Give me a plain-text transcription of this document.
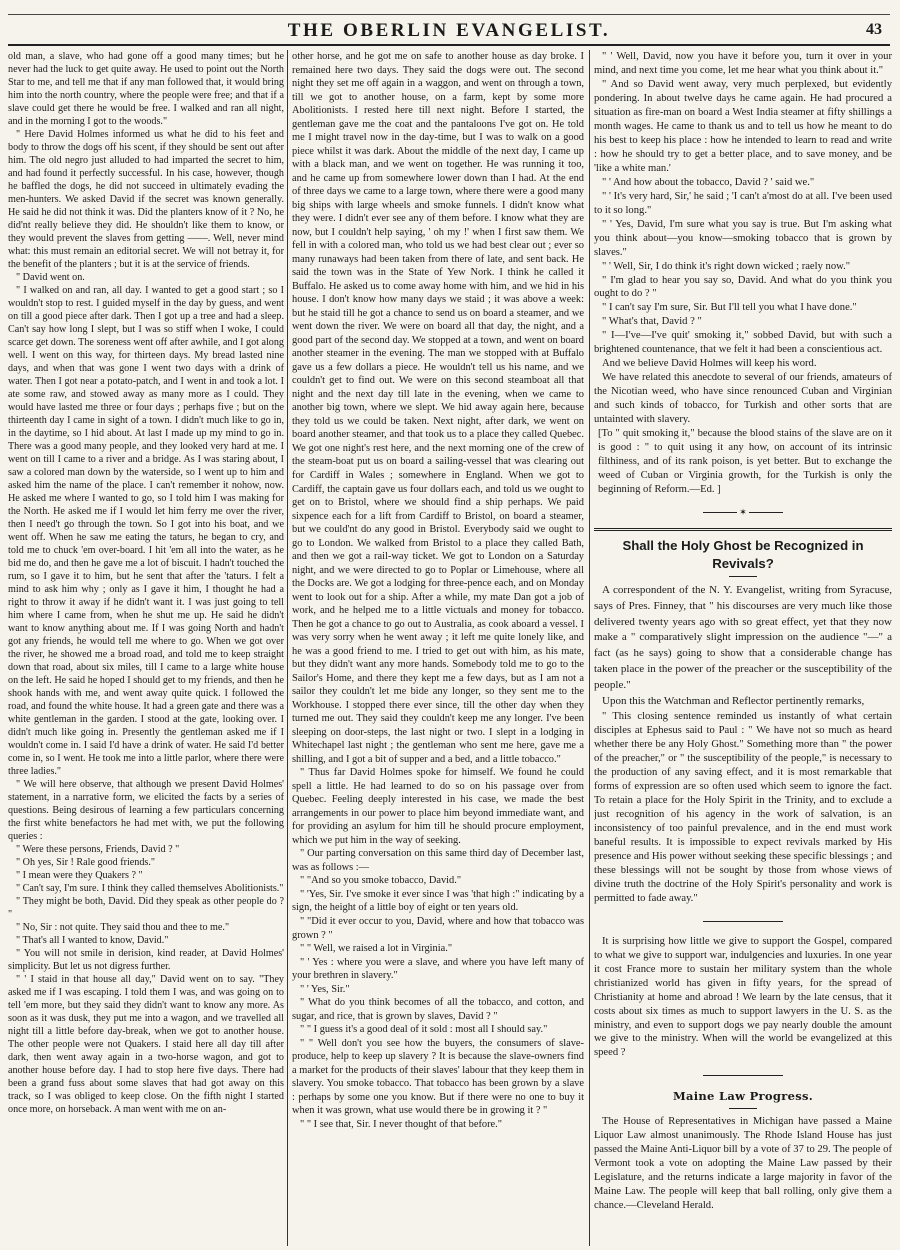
THE OBERLIN EVANGELIST.	43

old man, a slave, who had gone off a good many times; but he never had the luck to get quite away. He used to point out the North Star to me, and tell me that if any man followed that, it would bring him into the north country, where the people were free; and that if a slave could get there he would be free. I walked and ran all night, and in the morning I got to the woods."

" Here David Holmes informed us what he did to his feet and body to throw the dogs off his scent, if they should be sent out after him. The old negro just alluded to had imparted the secret to him, and had found it perfectly successful. In his case, however, though he baffled the dogs, he did not succeed in ultimately evading the men-hunters. We asked David if the secret was known generally. He said he did not think it was. Did the planters know of it ? No, he did'nt really believe they did. He shouldn't like them to know, or they would prevent the slaves from getting ——. Well, never mind what: this must remain an editorial secret. We will not betray it, for the benefit of the planters ; but it is at the service of friends.

" David went on.

" I walked on and ran, all day. I wanted to get a good start ; so I wouldn't stop to rest. I guided myself in the day by guess, and went on till a good piece after dark. Then I got up a tree and had a sleep. Can't say how long I slept, but I was so stiff when I woke, I could scarce get down. The soreness went off after awhile, and I got along well. I went on this way, for thirteen days. My bread lasted nine days, and when that was gone I went two days with a drink of water. Then I got near a potato-patch, and I went in and took a lot. I ate some raw, and stowed away as many more as I could. They would have lasted me three or four days ; perhaps five ; but on the thirteenth day I came in sight of a town. I didn't much like to go in, in the daytime, so I hid about. At last I made up my mind to go in. There was a good many people, and they looked very hard at me. I went on till I came to a river and a bridge. As I was staring about, I saw a colored man down by the waterside, so I went up to him and asked him the name of the place. I can't remember it nohow, now. He asked me where I wanted to go, so I told him I was making for the North. He asked me if I would let him ferry me over the river, then I need't go through the town. So I got into his boat, and we went off. When he saw me eating the taturs, he began to cry, and told me to chuck 'em over-board. I hit 'em all into the water, as he bid me do, and then he gave me a lot of biscuit. I hadn't touched the rum, so I gave it to him, but he sent that after the 'taturs. I felt a mind to ask him why ; only as I gave it him, I thought he had a right to throw it away if he didn't want it. I was just going to tell him where I came from, when he shut me up. He said he didn't want to know anything about me. If I was going North and hadn't got any friends, he would tell me where to go. When we got over the river, he showed me a broad road, and told me to keep straight down that road, about six miles, till I came to a large white house on the left. He said he hoped I should get to my friends, and then he shook hands with me, and went away quite quick. I followed the road, and found the white house. It had a green gate and there was a white gentleman in the garden. I stood at the gate, looking over. I didn't much like going in. Presently the gentleman asked me if I wouldn't come in. I said I'd have a drink of water. He said I'd better come in, so I went. He took me into a little parlor, where there were three ladies."

" We will here observe, that although we present David Holmes' statement, in a narrative form, we elicited the facts by a series of questions. Being desirous of learning a few particulars concerning the first white benefactors he had met with, we put the following queries :

" Were these persons, Friends, David ? "

" Oh yes, Sir ! Rale good friends."

" I mean were they Quakers ? "

" Can't say, I'm sure. I think they called themselves Abolitionists."

" They might be both, David. Did they speak as other people do ? "

" No, Sir : not quite. They said thou and thee to me."

" That's all I wanted to know, David."

" You will not smile in derision, kind reader, at David Holmes' simplicity. But let us not digress further.

" ' I staid in that house all day," David went on to say. "They asked me if I was escaping. I told them I was, and was going on to tell 'em more, but they said they didn't want to know any more. As soon as it was dusk, they put me into a wagon, and we travelled all night till a little before day-break, when we got to another house. The other people were not Quakers. I staid here all day till after dark, then went away again in a two-horse wagon, and got to another house before day. I had to stop here five days. There had been a grand fuss about some slaves that had got away on this track, so I was obliged to keep close. On the fifth night I started once more, on horseback. A man went with me on an-

other horse, and he got me on safe to another house as day broke. I remained here two days. They said the dogs were out. The second night they set me off again in a waggon, and went on through a town, till we got to another house, on a farm, kept by some more Abolitionists. I rested here till next night. Before I started, the gentleman gave me the coat and the pantaloons I've got on. He told me I might travel now in the day-time, but I was to walk on a good piece whilst it was dark. About the middle of the next day, I came up with a black man, and we went on together. He was running it too, and he came up from somewhere lower down than I had. At the end of three days we came to a large town, where there were a good many big ships with large wheels and smoke funnels. I didn't know what they were. I didn't ever see any of them before. I know what they are now, but I couldn't help saying, ' oh my !' when I first saw them. We fell in with a colored man, who told us we had best clear out ; ever so many runaways had been taken from there of late, and sent back. He said the town was in the State of Yew Nork. I think he called it Buffalo. He asked us to come away home with him, and we hid in his house. I don't know how many days we staid ; it was above a week: but he staid till he got a chance to send us on board a steamer, and we went down the river. We were on board all that day, the night, and a good part of the second day. We stopped at a town, and went on board another steamer in the evening. The man we stopped with at Buffalo gave us a few dollars a piece. He wouldn't tell us his name, and we couldn't get to find out. We were on this second steamboat all that night and the next day till late in the evening, when we came to another big town, where we slept. We hid away again here, because they told us we could be taken. Next night, after dark, we went on board another steamer, and that took us to a place they called Quebec. We got one night's rest here, and the next morning one of the crew of the steam-boat put us on board a sailing-vessel that was clearing out for Cardiff in Wales ; somewhere in England. When we got to Cardiff, the captain gave us four dollars each, and told us we ought to get on to Bristol, where we should find a ship perhaps. We paid sixpence each for a lift from Cardiff to Bristol, on board a steamer, but we could'nt do any good in Bristol. Everybody said we ought to go to London. We walked from Bristol to a place they called Bath, and then we got a rail-way ticket. We got to London on a Saturday night, and we were directed to go to Poplar or Limehouse, where all the Docks are. We got a lodging for three-pence each, and on Monday went to look out for a ship. After a while, my mate Dan got a job of work, and he helped me to a little victuals and money for tobacco. Then he got a chance to go out to Australia, as cook aboard a vessel. I was very sorry when he went away ; it left me quite lonely like, and he was a good friend to me. I tried to get out with him, as his mate, but they didn't want any more hands. Somebody told me to go to the Sailor's Home, and there they kept me a few days, but as I am not a sailor they couldn't let me bide any longer, so they sent me to the Workhouse. I stopped there ever since, till the other day when they turned me out. They said they couldn't keep me any longer. I've been sleeping on door-steps, the last night or two. I slept in a lodging in Whitechapel last night ; the gentleman who sent me here, gave me a shilling, and I got a bit of supper and a bed, and a little tobacco."

" Thus far David Holmes spoke for himself. We found he could spell a little. He had learned to do so on his passage over from Quebec. Feeling deeply interested in his case, we made the best arrangements in our power to place him beyond immediate want, and for providing an asylum for him till he should procure employment, which we put him in the way of seeking.

" Our parting conversation on this same third day of December last, was as follows :—

" "And so you smoke tobacco, David."

" 'Yes, Sir. I've smoke it ever since I was 'that high :" indicating by a sign, the height of a little boy of eight or ten years old.

" "Did it ever occur to you, David, where and how that tobacco was grown ? "

" " Well, we raised a lot in Virginia."

" ' Yes : where you were a slave, and where you have left many of your brethren in slavery."

" ' Yes, Sir."

" What do you think becomes of all the tobacco, and cotton, and sugar, and rice, that is grown by slaves, David ? "

" " I guess it's a good deal of it sold : most all I should say."

" " Well don't you see how the buyers, the consumers of slave-produce, help to keep up slavery ? It is because the slave-owners find a market for the products of their slaves' labour that they keep them in slavery. You smoke tobacco. That tobacco has been grown by a slave : perhaps by some one you know. But if there were no one to buy it when it was grown, what use would there be in growing it ? "

" " I see that, Sir. I never thought of that before."

" ' Well, David, now you have it before you, turn it over in your mind, and next time you come, let me hear what you think about it."

" And so David went away, very much perplexed, but evidently pondering. In about twelve days he came again. He had procured a situation as fire-man on board a West India steamer at fifty shillings a month wages. He came to thank us and to tell us how he meant to do his best to keep his place : how he intended to learn to read and write : how he should try to get a better place, and to save money, and be 'like a white man.'

" ' And how about the tobacco, David ? ' said we."

" ' It's very hard, Sir,' he said ; 'I can't a'most do at all. I've been used to it so long."

" ' Yes, David, I'm sure what you say is true. But I'm asking what you think about—you know—smoking tobacco that is grown by slaves."

" ' Well, Sir, I do think it's right down wicked ; raely now."

" I'm glad to hear you say so, David. And what do you think you ought to do ? "

" I can't say I'm sure, Sir. But I'll tell you what I have done."

" What's that, David ? "

" I—I've—I've quit' smoking it," sobbed David, but with such a brightened countenance, that we felt it had been a conscientious act.

And we believe David Holmes will keep his word.

We have related this anecdote to several of our friends, amateurs of the Nicotian weed, who have since renounced Cuban and Virginian and such kinds of tobacco, for Turkish and other sorts that are untainted with slavery.

[To " quit smoking it," because the blood stains of the slave are on it is good : " to quit using it any how, on account of its intrinsic filthiness, and of its rank poison, is yet better. But to exchange the weed of Cuban or Virginia growth, for the Turkish is only the beginning of Reform.—Ed. ]

✶
Shall the Holy Ghost be Recognized in Revivals?

A correspondent of the N. Y. Evangelist, writing from Syracuse, says of Pres. Finney, that " his discourses are very much like those delivered twenty years ago with so great effect, yet that they now make a " comparatively slight impression on the audience "—" a fact (as he says) going to show that a considerable change has taken place in the power of the preacher or the susceptibility of the people."

Upon this the Watchman and Reflector pertinently remarks,

" This closing sentence reminded us instantly of what certain disciples at Ephesus said to Paul : " We have not so much as heard whether there be any Holy Ghost." Something more than " the power of the preacher," or " the susceptibility of the people," is necessary to the production of any saving effect, and it is most remarkable that forms of expression are so often used which seem to ignore the fact. To retain a place for the Holy Spirit in the Trinity, and to exclude a just recognition of his agency in the work of salvation, is an inconsistency of too painful prevalence, and in the end must work baneful results. It is impossible to expect revivals marked by His presence and His power without seeking these specific blessings ; and these blessings will not be sought by those from whose views of divine truth the doctrine of the Holy Spirit's personality and work is permitted to fade away."

It is surprising how little we give to support the Gospel, compared to what we give to support war, indulgencies and luxuries. In one year it cost France more to sustain her military system than the whole christianized world has given in fifty years, for the spread of Christianity at home and abroad ! We learn by the late census, that it costs about six times as much to support lawyers in the U. S. as the ministry, and even to support dogs we pay nearly double the amount we give to the ministry. When will the world be evangelized at this speed ?

Maine Law Progress.

The House of Representatives in Michigan have passed a Maine Liquor Law almost unanimously. The Rhode Island House has just passed the Maine Anti-Liquor bill by a vote of 37 to 29. The people of Vermont took a vote on adopting the Maine Law passed by their Legislature, and the returns indicate a large majority in favor of the Maine Law. The people will keep that ball rolling, only give them a chance.—Cleveland Herald.
